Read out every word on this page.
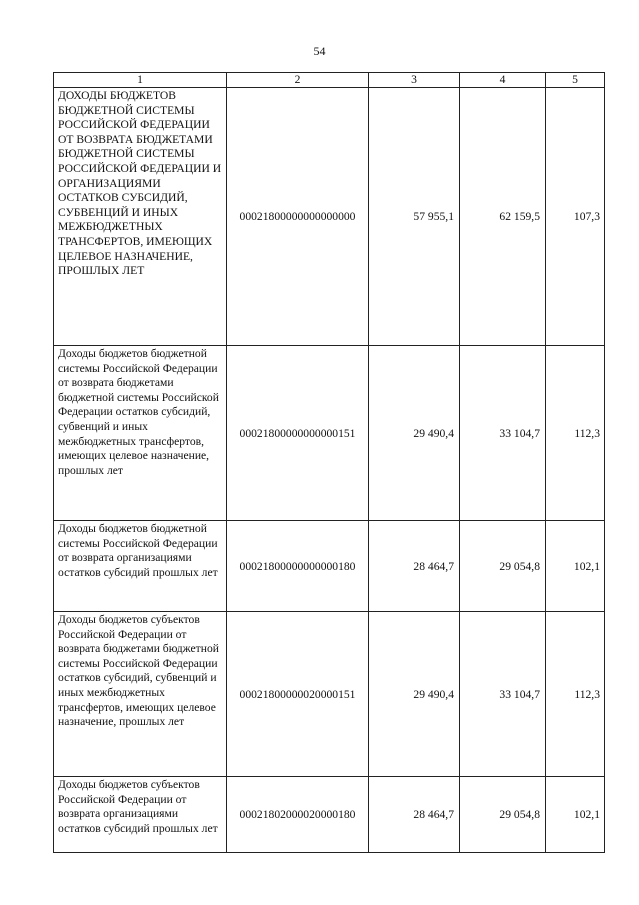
54
1	2	3	4	5

ДОХОДЫ БЮДЖЕТОВ БЮДЖЕТНОЙ СИСТЕМЫ РОССИЙСКОЙ ФЕДЕРАЦИИ ОТ ВОЗВРАТА БЮДЖЕТАМИ БЮДЖЕТНОЙ СИСТЕМЫ РОССИЙСКОЙ ФЕДЕРАЦИИ И ОРГАНИЗАЦИЯМИ ОСТАТКОВ СУБСИДИЙ, СУБВЕНЦИЙ И ИНЫХ МЕЖБЮДЖЕТНЫХ ТРАНСФЕРТОВ, ИМЕЮЩИХ ЦЕЛЕВОЕ НАЗНАЧЕНИЕ, ПРОШЛЫХ ЛЕТ	00021800000000000000	57 955,1	62 159,5	107,3

Доходы бюджетов бюджетной системы Российской Федерации от возврата бюджетами бюджетной системы Российской Федерации остатков субсидий, субвенций и иных межбюджетных трансфертов, имеющих целевое назначение, прошлых лет	00021800000000000151	29 490,4	33 104,7	112,3

Доходы бюджетов бюджетной системы Российской Федерации от возврата организациями остатков субсидий прошлых лет	00021800000000000180	28 464,7	29 054,8	102,1

Доходы бюджетов субъектов Российской Федерации от возврата бюджетами бюджетной системы Российской Федерации остатков субсидий, субвенций и иных межбюджетных трансфертов, имеющих целевое назначение, прошлых лет	00021800000020000151	29 490,4	33 104,7	112,3

Доходы бюджетов субъектов Российской Федерации от возврата организациями остатков субсидий прошлых лет	00021802000020000180	28 464,7	29 054,8	102,1
